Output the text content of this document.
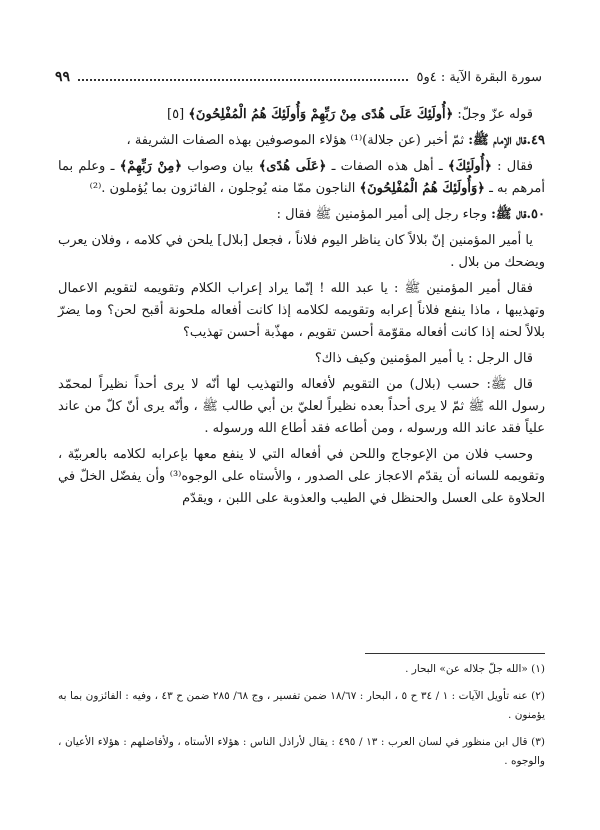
سورة البقرة الآية : ٤و٥
٩٩

قوله عزّ وجلّ: ﴿أُولَئِكَ عَلَى هُدًى مِنْ رَبِّهِمْ وَأُولَئِكَ هُمُ الْمُفْلِحُونَ﴾ [٥]

٤٩.قال الإمام ﷺ: ثمّ أخبر (عن جلالة)⁽¹⁾ هؤلاء الموصوفين بهذه الصفات الشريفة ،

فقال : ﴿أُولَئِكَ﴾ ـ أهل هذه الصفات ـ ﴿عَلَى هُدًى﴾ بيان وصواب ﴿مِنْ رَبِّهِمْ﴾ ـ وعلم بما أمرهم به ـ ﴿وَأُولَئِكَ هُمُ الْمُفْلِحُونَ﴾ الناجون ممّا منه يُوجلون ، الفائزون بما يُؤملون .⁽²⁾

٥٠.قال ﷺ: وجاء رجل إلى أمير المؤمنين ﷺ فقال :

يا أمير المؤمنين إنّ بلالاً كان يناظر اليوم فلاناً ، فجعل [بلال] يلحن في كلامه ، وفلان يعرب ويضحك من بلال .

فقال أمير المؤمنين ﷺ : يا عبد الله ! إنّما يراد إعراب الكلام وتقويمه لتقويم الاعمال وتهذيبها ، ماذا ينفع فلاناً إعرابه وتقويمه لكلامه إذا كانت أفعاله ملحونة أقبح لحن؟ وما يضرّ بلالاً لحنه إذا كانت أفعاله مقوّمة أحسن تقويم ، مهذّبة أحسن تهذيب؟

قال الرجل : يا أمير المؤمنين وكيف ذاك؟

قال ﷺ: حسب (بلال) من التقويم لأفعاله والتهذيب لها أنّه لا يرى أحداً نظيراً لمحمّد رسول الله ﷺ ثمّ لا يرى أحداً بعده نظيراً لعليّ بن أبي طالب ﷺ ، وأنّه يرى أنّ كلّ من عاند علياً فقد عاند الله ورسوله ، ومن أطاعه فقد أطاع الله ورسوله .

وحسب فلان من الإعوجاج واللحن في أفعاله التي لا ينفع معها بإعرابه لكلامه بالعربيّة ، وتقويمه للسانه أن يقدّم الاعجاز على الصدور ، والأستاه على الوجوه⁽³⁾ وأن يفضّل الخلّ في الحلاوة على العسل والحنظل في الطيب والعذوبة على اللبن ، ويقدّم

(١) «الله جلّ جلاله عن» البحار .

(٢) عنه تأويل الآيات : ١ / ٣٤ ح ٥ ، البحار : ١٨/٦٧ ضمن تفسير ، وج ٦٨/ ٢٨٥ ضمن ح ٤٣ ، وفيه : الفائزون بما به يؤمنون .

(٣) قال ابن منظور في لسان العرب : ١٣ / ٤٩٥ : يقال لأراذل الناس : هؤلاء الأستاه ، ولأفاضلهم : هؤلاء الأعيان ، والوجوه .
